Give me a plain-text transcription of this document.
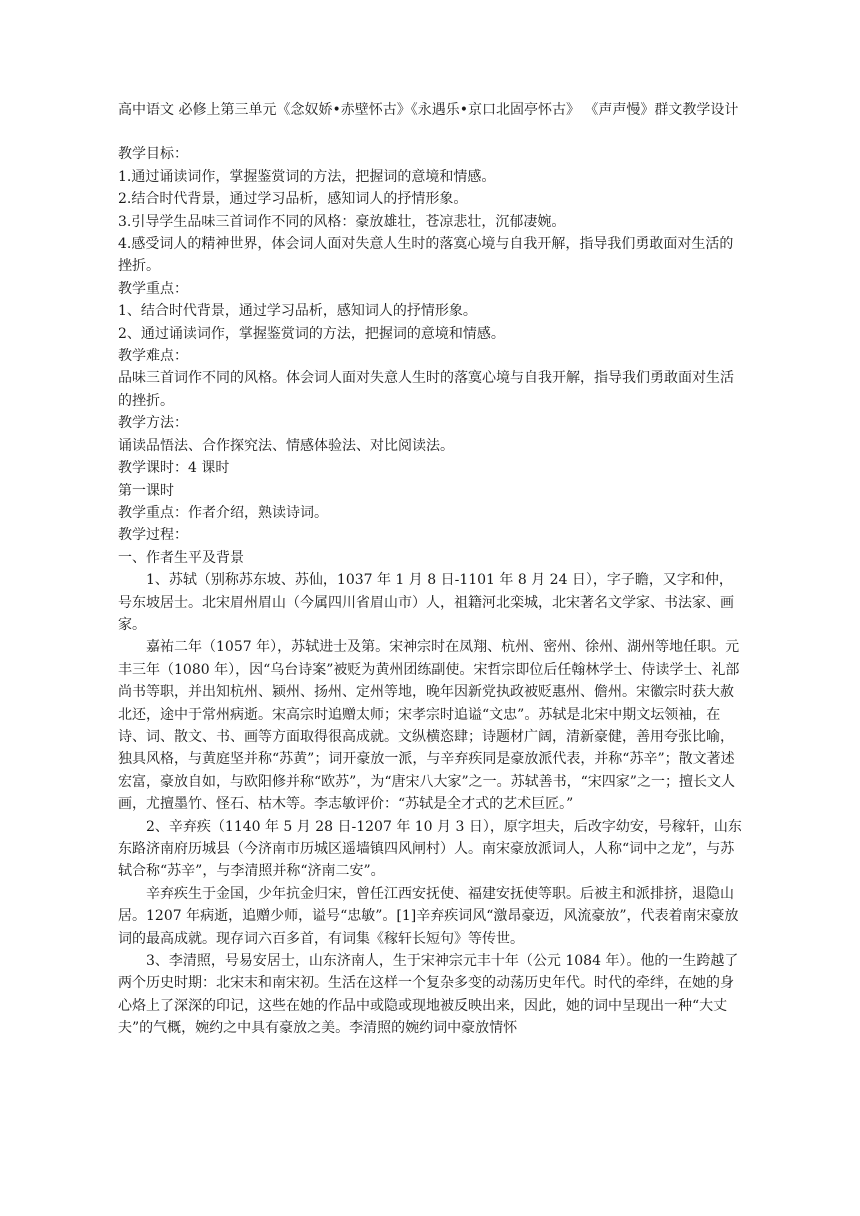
高中语文 必修上第三单元《念奴娇•赤壁怀古》《永遇乐•京口北固亭怀古》 《声声慢》群文教学设计

教学目标：

1.通过诵读词作，掌握鉴赏词的方法，把握词的意境和情感。

2.结合时代背景，通过学习品析，感知词人的抒情形象。

3.引导学生品味三首词作不同的风格：豪放雄壮，苍凉悲壮，沉郁凄婉。

4.感受词人的精神世界，体会词人面对失意人生时的落寞心境与自我开解，指导我们勇敢面对生活的挫折。

教学重点：

1、结合时代背景，通过学习品析，感知词人的抒情形象。

2、通过诵读词作，掌握鉴赏词的方法，把握词的意境和情感。

教学难点：

品味三首词作不同的风格。体会词人面对失意人生时的落寞心境与自我开解，指导我们勇敢面对生活的挫折。

教学方法：

诵读品悟法、合作探究法、情感体验法、对比阅读法。

教学课时：4 课时

第一课时

教学重点：作者介绍，熟读诗词。

教学过程：

一、作者生平及背景

1、苏轼（别称苏东坡、苏仙，1037 年 1 月 8 日-1101 年 8 月 24 日），字子瞻，又字和仲，号东坡居士。北宋眉州眉山（今属四川省眉山市）人，祖籍河北栾城，北宋著名文学家、书法家、画家。

嘉祐二年（1057 年），苏轼进士及第。宋神宗时在凤翔、杭州、密州、徐州、湖州等地任职。元丰三年（1080 年），因“乌台诗案”被贬为黄州团练副使。宋哲宗即位后任翰林学士、侍读学士、礼部尚书等职，并出知杭州、颍州、扬州、定州等地，晚年因新党执政被贬惠州、儋州。宋徽宗时获大赦北还，途中于常州病逝。宋高宗时追赠太师；宋孝宗时追谥“文忠”。苏轼是北宋中期文坛领袖，在诗、词、散文、书、画等方面取得很高成就。文纵横恣肆；诗题材广阔，清新豪健，善用夸张比喻，独具风格，与黄庭坚并称“苏黄”；词开豪放一派，与辛弃疾同是豪放派代表，并称“苏辛”；散文著述宏富，豪放自如，与欧阳修并称“欧苏”，为“唐宋八大家”之一。苏轼善书，“宋四家”之一；擅长文人画，尤擅墨竹、怪石、枯木等。李志敏评价：“苏轼是全才式的艺术巨匠。”

2、辛弃疾（1140 年 5 月 28 日-1207 年 10 月 3 日），原字坦夫，后改字幼安，号稼轩，山东东路济南府历城县（今济南市历城区遥墙镇四风闸村）人。南宋豪放派词人，人称“词中之龙”，与苏轼合称“苏辛”，与李清照并称“济南二安”。

辛弃疾生于金国，少年抗金归宋，曾任江西安抚使、福建安抚使等职。后被主和派排挤，退隐山居。1207 年病逝，追赠少师，谥号“忠敏”。[1]辛弃疾词风“激昂豪迈，风流豪放”，代表着南宋豪放词的最高成就。现存词六百多首，有词集《稼轩长短句》等传世。

3、李清照，号易安居士，山东济南人，生于宋神宗元丰十年（公元 1084 年）。他的一生跨越了两个历史时期：北宋末和南宋初。生活在这样一个复杂多变的动荡历史年代。时代的牵绊，在她的身心烙上了深深的印记，这些在她的作品中或隐或现地被反映出来，因此，她的词中呈现出一种“大丈夫”的气概，婉约之中具有豪放之美。李清照的婉约词中豪放情怀
